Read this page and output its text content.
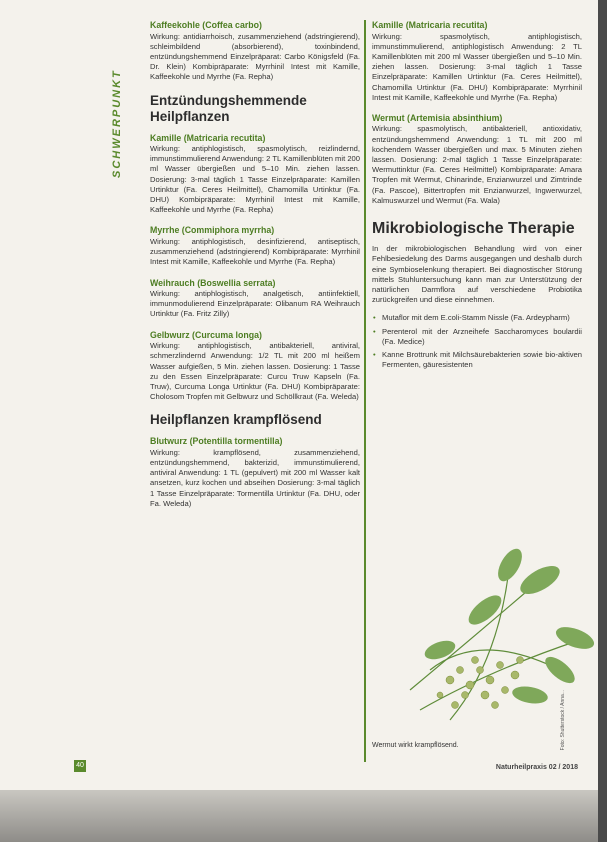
SCHWERPUNKT
Kaffeekohle (Coffea carbo)

Wirkung: antidiarrhoisch, zusammenziehend (adstringierend), schleimbildend (absorbierend), toxinbindend, entzündungshemmend Einzelpräparat: Carbo Königsfeld (Fa. Dr. Klein) Kombipräparate: Myrrhinil Intest mit Kamille, Kaffeekohle und Myrrhe (Fa. Repha)

Entzündungshemmende Heilpflanzen
Kamille (Matricaria recutita)

Wirkung: antiphlogistisch, spasmolytisch, reizlindernd, immunstimmulierend Anwendung: 2 TL Kamillenblüten mit 200 ml Wasser übergießen und 5–10 Min. ziehen lassen. Dosierung: 3-mal täglich 1 Tasse Einzelpräparate: Kamillen Urtinktur (Fa. Ceres Heilmittel), Chamomilla Urtinktur (Fa. DHU) Kombipräparate: Myrrhinil Intest mit Kamille, Kaffeekohle und Myrrhe (Fa. Repha)

Myrrhe (Commiphora myrrha)

Wirkung: antiphlogistisch, desinfizierend, antiseptisch, zusammenziehend (adstringierend) Kombipräparate: Myrrhinil Intest mit Kamille, Kaffeekohle und Myrrhe (Fa. Repha)

Weihrauch (Boswellia serrata)

Wirkung: antiphlogistisch, analgetisch, antiinfektiell, immunmodulierend Einzelpräparate: Olibanum RA Weihrauch Urtinktur (Fa. Fritz Zilly)

Gelbwurz (Curcuma longa)

Wirkung: antiphlogistisch, antibakteriell, antiviral, schmerzlindernd Anwendung: 1/2 TL mit 200 ml heißem Wasser aufgießen, 5 Min. ziehen lassen. Dosierung: 1 Tasse zu den Essen Einzelpräparate: Curcu Truw Kapseln (Fa. Truw), Curcuma Longa Urtinktur (Fa. DHU) Kombipräparate: Cholosom Tropfen mit Gelbwurz und Schöllkraut (Fa. Weleda)

Heilpflanzen krampflösend
Blutwurz (Potentilla tormentilla)

Wirkung: krampflösend, zusammenziehend, entzündungshemmend, bakterizid, immunstimulierend, antiviral Anwendung: 1 TL (gepulvert) mit 200 ml Wasser kalt ansetzen, kurz kochen und abseihen Dosierung: 3-mal täglich 1 Tasse Einzelpräparate: Tormentilla Urtinktur (Fa. DHU, oder Fa. Weleda)

Kamille (Matricaria recutita)

Wirkung: spasmolytisch, antiphlogistisch, immunstimmulierend, antiphlogistisch Anwendung: 2 TL Kamillenblüten mit 200 ml Wasser übergießen und 5–10 Min. ziehen lassen. Dosierung: 3-mal täglich 1 Tasse Einzelpräparate: Kamillen Urtinktur (Fa. Ceres Heilmittel), Chamomilla Urtinktur (Fa. DHU) Kombipräparate: Myrrhinil Intest mit Kamille, Kaffeekohle und Myrrhe (Fa. Repha)

Wermut (Artemisia absinthium)

Wirkung: spasmolytisch, antibakteriell, antioxidativ, entzündungshemmend Anwendung: 1 TL mit 200 ml kochendem Wasser übergießen und max. 5 Minuten ziehen lassen. Dosierung: 2-mal täglich 1 Tasse Einzelpräparate: Wermuttinktur (Fa. Ceres Heilmittel) Kombipräparate: Amara Tropfen mit Wermut, Chinarinde, Enzianwurzel und Zimtrinde (Fa. Pascoe), Bittertropfen mit Enzianwurzel, Ingwerwurzel, Kalmuswurzel und Wermut (Fa. Wala)

Mikrobiologische Therapie

In der mikrobiologischen Behandlung wird von einer Fehlbesiedelung des Darms ausgegangen und deshalb durch eine Symbioselenkung therapiert. Bei diagnostischer Störung mittels Stuhluntersuchung kann man zur Unterstützung der natürlichen Darmflora auf verschiedene Probiotika zurückgreifen und diese einnehmen.

• Mutaflor mit dem E.coli-Stamm Nissle (Fa. Ardeypharm)
• Perenterol mit der Arzneihefe Saccharomyces boulardii (Fa. Medice)
• Kanne Brottrunk mit Milchsäurebakterien sowie bio-aktiven Fermenten, gäuresistenten
Wermut wirkt krampflösend.	Foto: Shutterstock / Anna...
40	Naturheilpraxis 02 / 2018
